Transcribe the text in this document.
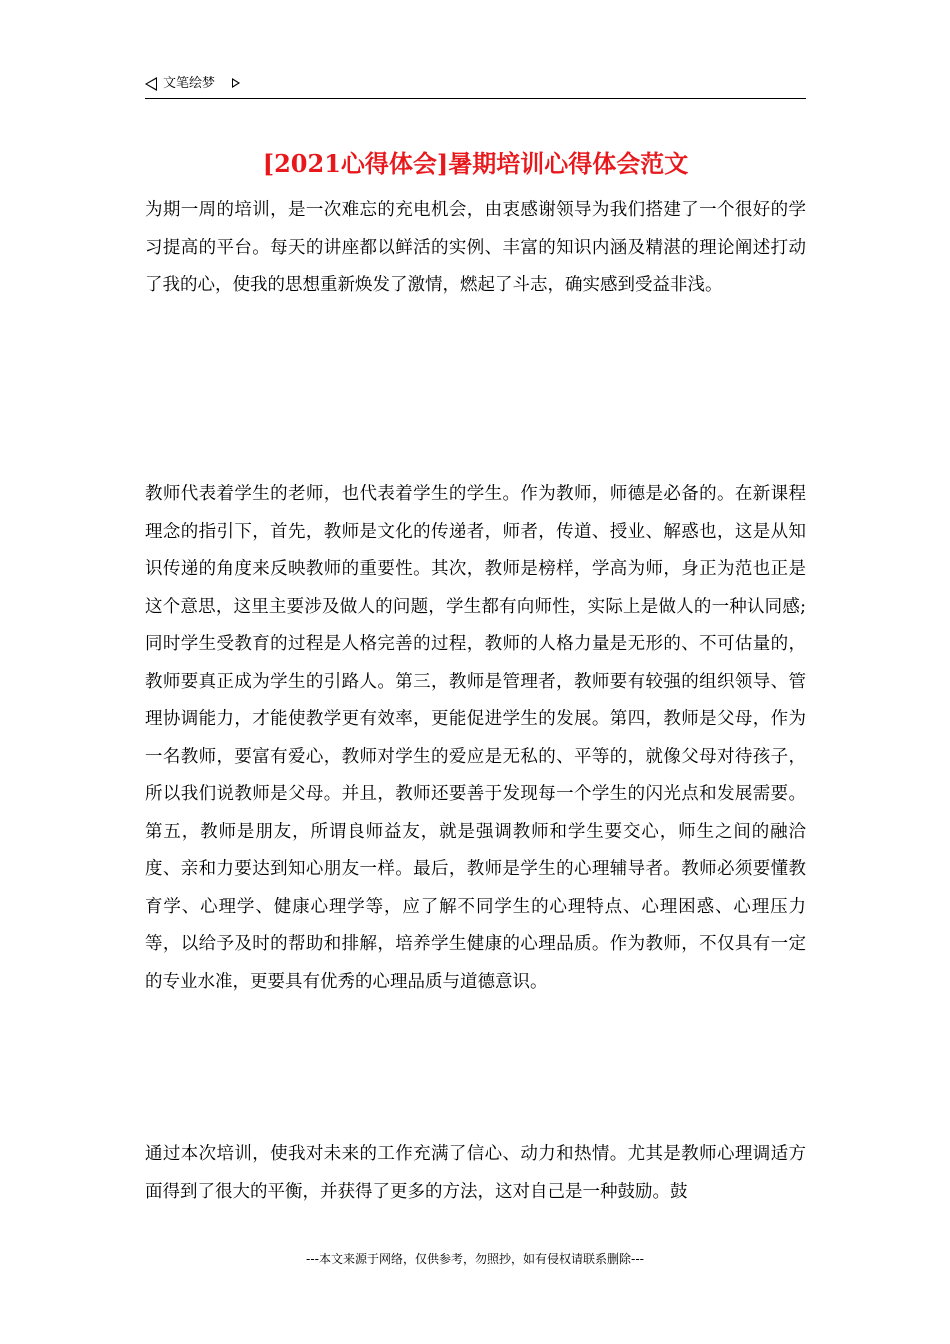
文笔绘梦
[2021心得体会]暑期培训心得体会范文

为期一周的培训，是一次难忘的充电机会，由衷感谢领导为我们搭建了一个很好的学习提高的平台。每天的讲座都以鲜活的实例、丰富的知识内涵及精湛的理论阐述打动了我的心，使我的思想重新焕发了激情，燃起了斗志，确实感到受益非浅。

教师代表着学生的老师，也代表着学生的学生。作为教师，师德是必备的。在新课程理念的指引下，首先，教师是文化的传递者，师者，传道、授业、解惑也，这是从知识传递的角度来反映教师的重要性。其次，教师是榜样，学高为师，身正为范也正是这个意思，这里主要涉及做人的问题，学生都有向师性，实际上是做人的一种认同感;同时学生受教育的过程是人格完善的过程，教师的人格力量是无形的、不可估量的，教师要真正成为学生的引路人。第三，教师是管理者，教师要有较强的组织领导、管理协调能力，才能使教学更有效率，更能促进学生的发展。第四，教师是父母，作为一名教师，要富有爱心，教师对学生的爱应是无私的、平等的，就像父母对待孩子，所以我们说教师是父母。并且，教师还要善于发现每一个学生的闪光点和发展需要。第五，教师是朋友，所谓良师益友，就是强调教师和学生要交心，师生之间的融洽度、亲和力要达到知心朋友一样。最后，教师是学生的心理辅导者。教师必须要懂教育学、心理学、健康心理学等，应了解不同学生的心理特点、心理困惑、心理压力等，以给予及时的帮助和排解，培养学生健康的心理品质。作为教师，不仅具有一定的专业水准，更要具有优秀的心理品质与道德意识。

通过本次培训，使我对未来的工作充满了信心、动力和热情。尤其是教师心理调适方面得到了很大的平衡，并获得了更多的方法，这对自己是一种鼓励。鼓

---本文来源于网络，仅供参考，勿照抄，如有侵权请联系删除---
